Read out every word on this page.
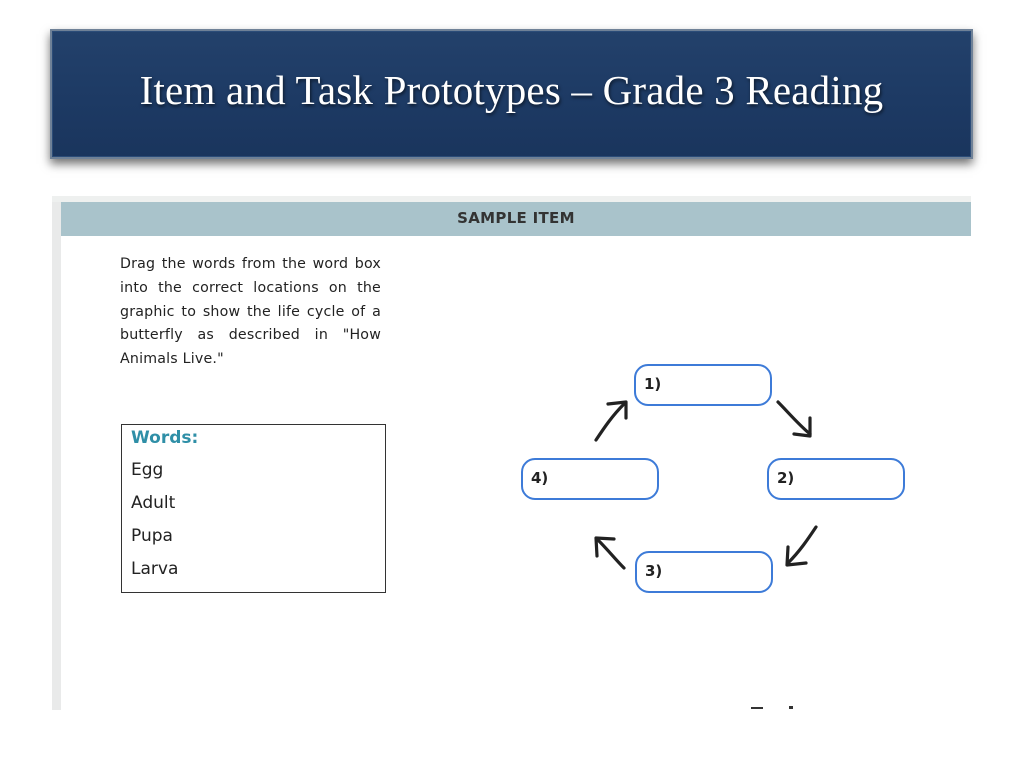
Item and Task Prototypes – Grade 3 Reading
SAMPLE ITEM
Drag the words from the word box into the correct locations on the graphic to show the life cycle of a butterfly as described in "How Animals Live."
Words:
Egg
Adult
Pupa
Larva
1)
2)
3)
4)
